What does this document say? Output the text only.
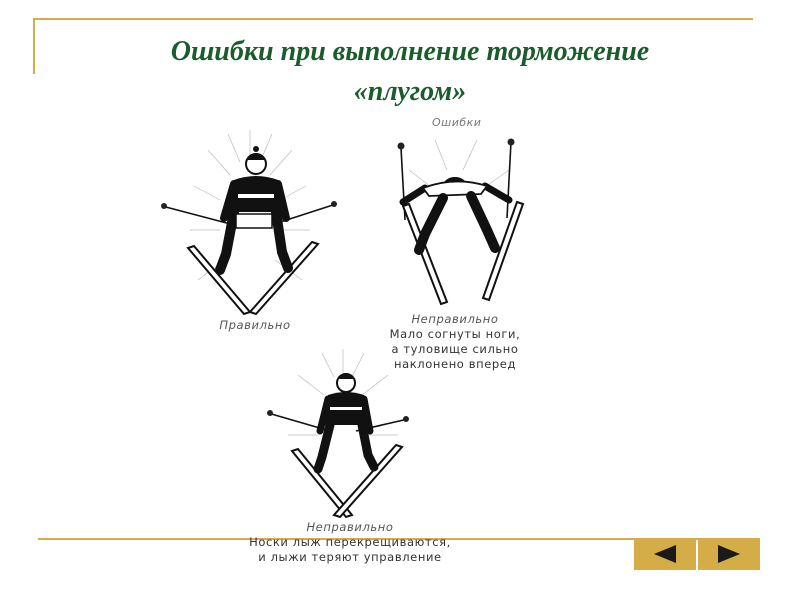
Ошибки при выполнение торможение
«плугом»
Ошибки
Правильно	Неправильно
Мало согнуты ноги,
а туловище сильно
наклонено вперед
Неправильно
Носки лыж перекрещиваются,
и лыжи теряют управление
